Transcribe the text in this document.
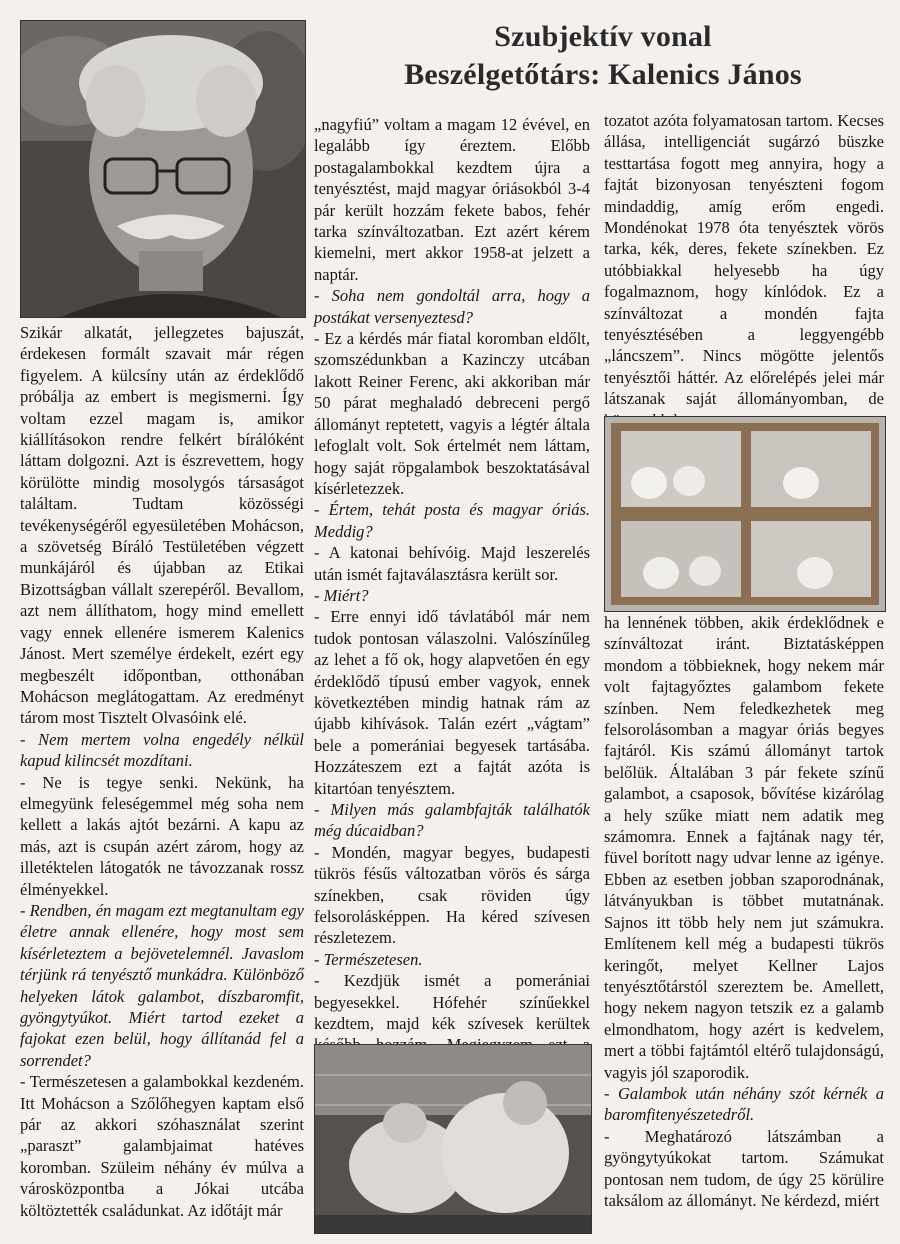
Szubjektív vonal
Beszélgetőtárs: Kalenics János

Szikár alkatát, jellegzetes bajuszát, érdekesen formált szavait már régen figyelem. A külcsíny után az érdeklődő próbálja az embert is megismerni. Így voltam ezzel magam is, amikor kiállításokon rendre felkért bírálóként láttam dolgozni. Azt is észrevettem, hogy körülötte mindig mosolygós társaságot találtam. Tudtam közösségi tevékenységéről egyesületében Mohácson, a szövetség Bíráló Testületében végzett munkájáról és újabban az Etikai Bizottságban vállalt szerepéről. Bevallom, azt nem állíthatom, hogy mind emellett vagy ennek ellenére ismerem Kalenics Jánost. Mert személye érdekelt, ezért egy megbeszélt időpontban, otthonában Mohácson meglátogattam. Az eredményt tárom most Tisztelt Olvasóink elé.

- Nem mertem volna engedély nélkül kapud kilincsét mozdítani.

- Ne is tegye senki. Nekünk, ha elmegyünk feleségemmel még soha nem kellett a lakás ajtót bezárni. A kapu az más, azt is csupán azért zárom, hogy az illetéktelen látogatók ne távozzanak rossz élményekkel.

- Rendben, én magam ezt megtanultam egy életre annak ellenére, hogy most sem kísérleteztem a bejövetelemnél. Javaslom térjünk rá tenyésztő munkádra. Különböző helyeken látok galambot, díszbaromfit, gyöngytyúkot. Miért tartod ezeket a fajokat ezen belül, hogy állítanád fel a sorrendet?

- Természetesen a galambokkal kezdeném. Itt Mohácson a Szőlőhegyen kaptam első pár az akkori szóhasználat szerint „paraszt” galambjaimat hatéves koromban. Szüleim néhány év múlva a városközpontba a Jókai utcába költöztették családunkat. Az időtájt már

„nagyfiú” voltam a magam 12 évével, en legalább így éreztem. Előbb postagalambokkal kezdtem újra a tenyésztést, majd magyar óriásokból 3-4 pár került hozzám fekete babos, fehér tarka színváltozatban. Ezt azért kérem kiemelni, mert akkor 1958-at jelzett a naptár.

- Soha nem gondoltál arra, hogy a postákat versenyeztesd?

- Ez a kérdés már fiatal koromban eldőlt, szomszédunkban a Kazinczy utcában lakott Reiner Ferenc, aki akkoriban már 50 párat meghaladó debreceni pergő állományt reptetett, vagyis a légtér általa lefoglalt volt. Sok értelmét nem láttam, hogy saját röpgalambok beszoktatásával kísérletezzek.

- Értem, tehát posta és magyar óriás. Meddig?

- A katonai behívóig. Majd leszerelés után ismét fajtaválasztásra került sor.

- Miért?

- Erre ennyi idő távlatából már nem tudok pontosan válaszolni. Valószínűleg az lehet a fő ok, hogy alapvetően én egy érdeklődő típusú ember vagyok, ennek következtében mindig hatnak rám az újabb kihívások. Talán ezért „vágtam” bele a pomerániai begyesek tartásába. Hozzáteszem ezt a fajtát azóta is kitartóan tenyésztem.

- Milyen más galambfajták találhatók még dúcaidban?

- Mondén, magyar begyes, budapesti tükrös fésűs változatban vörös és sárga színekben, csak röviden úgy felsorolásképpen. Ha kéred szívesen részletezem.

- Természetesen.

- Kezdjük ismét a pomerániai begyesekkel. Hófehér színűekkel kezdtem, majd kék szívesek kerültek

tozatot azóta folyamatosan tartom. Kecses állása, intelligenciát sugárzó büszke testtartása fogott meg annyira, hogy a fajtát bizonyosan tenyészteni fogom mindaddig, amíg erőm engedi. Mondénokat 1978 óta tenyésztek vörös tarka, kék, deres, fekete színekben. Ez utóbbiakkal helyesebb ha úgy fogalmaznom, hogy kínlódok. Ez a színváltozat a mondén fajta tenyésztésében a leggyengébb „láncszem”. Nincs mögötte jelentős tenyésztői háttér. Az előrelépés jelei már látszanak saját állományomban, de

ha lennének többen, akik érdeklődnek e színváltozat iránt. Biztatásképpen mondom a többieknek, hogy nekem már volt fajtagyőztes galambom fekete színben. Nem feledkezhetek meg felsorolásomban a magyar óriás begyes fajtáról. Kis számú állományt tartok belőlük. Általában 3 pár fekete színű galambot, a csaposok, bővítése kizárólag a hely szűke miatt nem adatik meg számomra. Ennek a fajtának nagy tér, füvel borított nagy udvar lenne az igénye. Ebben az esetben jobban szaporodnának, látványukban is többet mutatnának. Sajnos itt több hely nem jut számukra. Említenem kell még a budapesti tükrös keringőt, melyet Kellner Lajos tenyésztőtárstól szereztem be. Amellett, hogy nekem nagyon tetszik ez a galamb elmondhatom, hogy azért is kedvelem, mert a többi fajtámtól eltérő tulajdonságú, vagyis jól szaporodik.

- Galambok után néhány szót kérnék a baromfitenyészetedről.

- Meghatározó látszámban a gyöngytyúkokat tartom. Számukat pontosan nem tudom, de úgy 25 körülire taksálom az állományt. Ne kérdezd, miért
